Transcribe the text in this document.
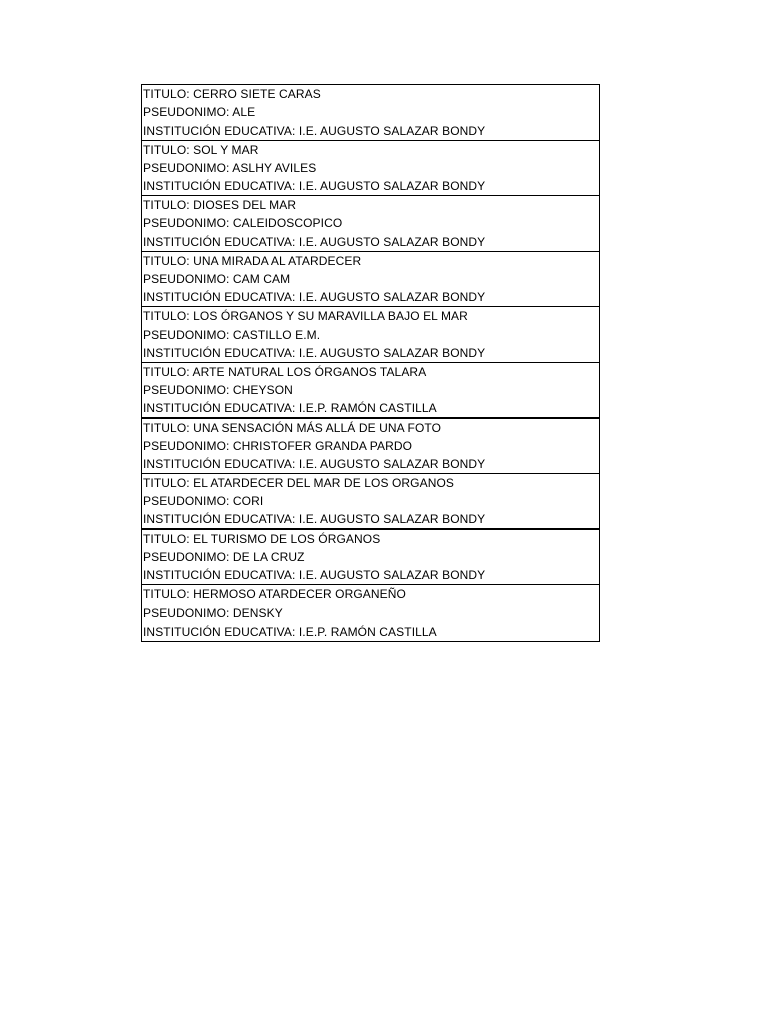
TITULO: CERRO SIETE CARAS
PSEUDONIMO: ALE
INSTITUCIÓN EDUCATIVA: I.E. AUGUSTO SALAZAR BONDY
TITULO: SOL Y MAR
PSEUDONIMO: ASLHY AVILES
INSTITUCIÓN EDUCATIVA: I.E. AUGUSTO SALAZAR BONDY
TITULO: DIOSES DEL MAR
PSEUDONIMO: CALEIDOSCOPICO
INSTITUCIÓN EDUCATIVA: I.E. AUGUSTO SALAZAR BONDY
TITULO: UNA MIRADA AL ATARDECER
PSEUDONIMO: CAM CAM
INSTITUCIÓN EDUCATIVA: I.E. AUGUSTO SALAZAR BONDY
TITULO: LOS ÓRGANOS Y SU MARAVILLA BAJO EL MAR
PSEUDONIMO: CASTILLO E.M.
INSTITUCIÓN EDUCATIVA: I.E. AUGUSTO SALAZAR BONDY
TITULO: ARTE NATURAL LOS ÓRGANOS TALARA
PSEUDONIMO: CHEYSON
INSTITUCIÓN EDUCATIVA: I.E.P. RAMÓN CASTILLA
TITULO: UNA SENSACIÓN MÁS ALLÁ DE UNA FOTO
PSEUDONIMO: CHRISTOFER GRANDA PARDO
INSTITUCIÓN EDUCATIVA: I.E. AUGUSTO SALAZAR BONDY
TITULO: EL ATARDECER DEL MAR DE LOS ORGANOS
PSEUDONIMO: CORI
INSTITUCIÓN EDUCATIVA: I.E. AUGUSTO SALAZAR BONDY
TITULO: EL TURISMO DE LOS ÓRGANOS
PSEUDONIMO: DE LA CRUZ
INSTITUCIÓN EDUCATIVA: I.E. AUGUSTO SALAZAR BONDY
TITULO: HERMOSO ATARDECER ORGANEÑO
PSEUDONIMO: DENSKY
INSTITUCIÓN EDUCATIVA: I.E.P. RAMÓN CASTILLA
